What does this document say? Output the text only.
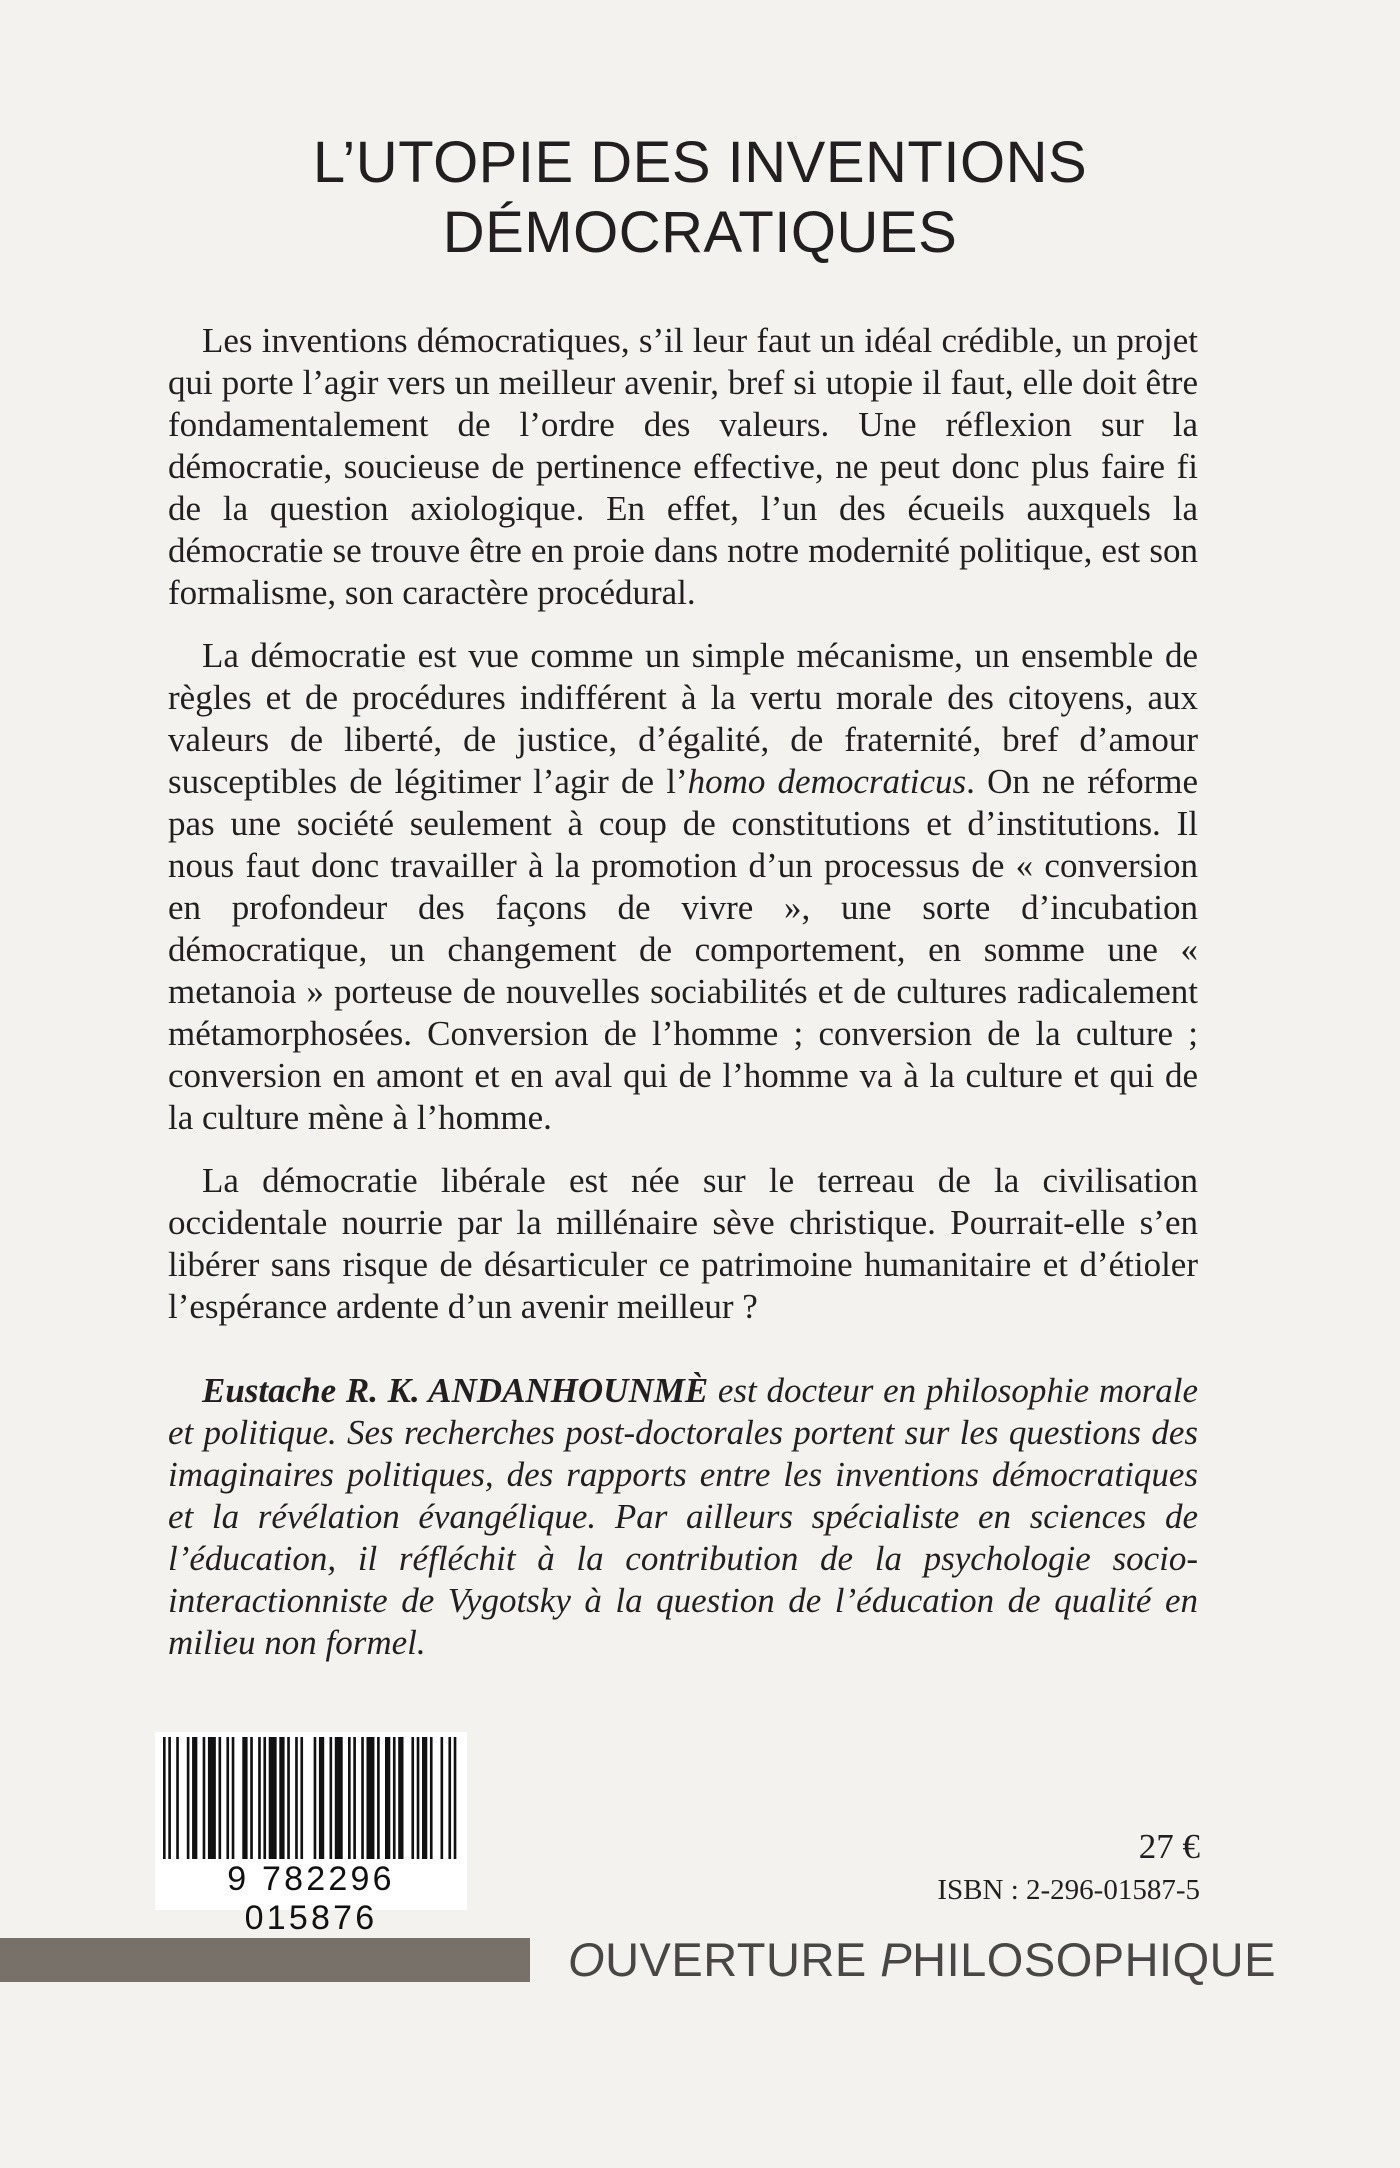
L’UTOPIE DES INVENTIONS
DÉMOCRATIQUES

Les inventions démocratiques, s’il leur faut un idéal crédible, un projet qui porte l’agir vers un meilleur avenir, bref si utopie il faut, elle doit être fondamentalement de l’ordre des valeurs. Une réflexion sur la démocratie, soucieuse de pertinence effective, ne peut donc plus faire fi de la question axiologique. En effet, l’un des écueils auxquels la démocratie se trouve être en proie dans notre modernité politique, est son formalisme, son caractère procédural.

La démocratie est vue comme un simple mécanisme, un ensemble de règles et de procédures indifférent à la vertu morale des citoyens, aux valeurs de liberté, de justice, d’égalité, de fraternité, bref d’amour susceptibles de légitimer l’agir de l’homo democraticus. On ne réforme pas une société seulement à coup de constitutions et d’institutions. Il nous faut donc travailler à la promotion d’un processus de « conversion en profondeur des façons de vivre », une sorte d’incubation démocratique, un changement de comportement, en somme une « metanoia » porteuse de nouvelles sociabilités et de cultures radicalement métamorphosées. Conversion de l’homme ; conversion de la culture ; conversion en amont et en aval qui de l’homme va à la culture et qui de la culture mène à l’homme.

La démocratie libérale est née sur le terreau de la civilisation occidentale nourrie par la millénaire sève christique. Pourrait-elle s’en libérer sans risque de désarticuler ce patrimoine humanitaire et d’étioler l’espérance ardente d’un avenir meilleur ?

Eustache R. K. ANDANHOUNMÈ est docteur en philosophie morale et politique. Ses recherches post-doctorales portent sur les questions des imaginaires politiques, des rapports entre les inventions démocratiques et la révélation évangélique. Par ailleurs spécialiste en sciences de l’éducation, il réfléchit à la contribution de la psychologie socio-interactionniste de Vygotsky à la question de l’éducation de qualité en milieu non formel.

9 782296 015876
27 €
ISBN : 2-296-01587-5
OUVERTURE PHILOSOPHIQUE
